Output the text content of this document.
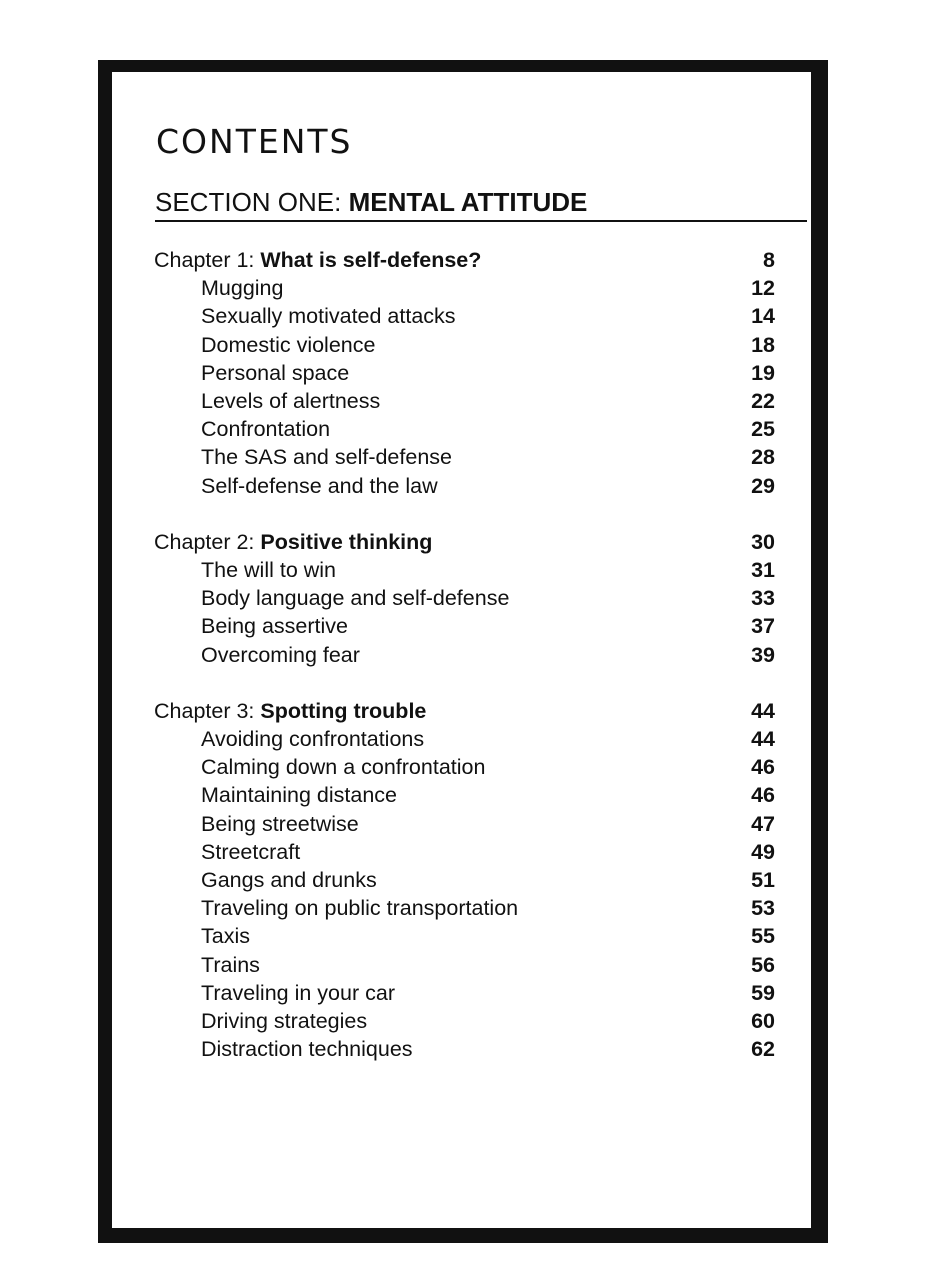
CONTENTS
SECTION ONE: MENTAL ATTITUDE
Chapter 1: What is self-defense?	8
Mugging	12
Sexually motivated attacks	14
Domestic violence	18
Personal space	19
Levels of alertness	22
Confrontation	25
The SAS and self-defense	28
Self-defense and the law	29
Chapter 2: Positive thinking	30
The will to win	31
Body language and self-defense	33
Being assertive	37
Overcoming fear	39
Chapter 3: Spotting trouble	44
Avoiding confrontations	44
Calming down a confrontation	46
Maintaining distance	46
Being streetwise	47
Streetcraft	49
Gangs and drunks	51
Traveling on public transportation	53
Taxis	55
Trains	56
Traveling in your car	59
Driving strategies	60
Distraction techniques	62
